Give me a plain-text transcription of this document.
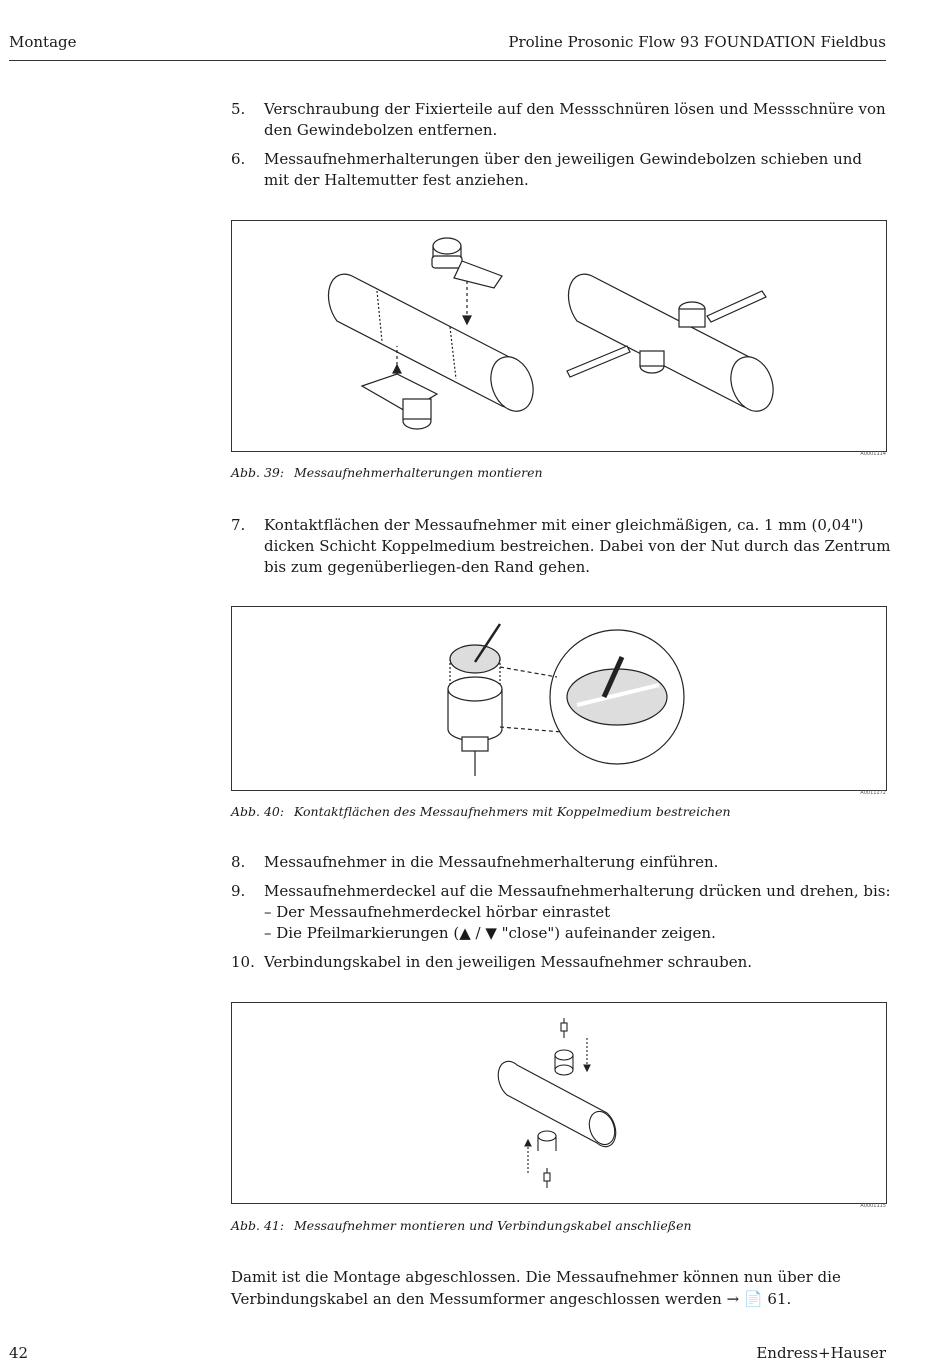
Montage	Proline Prosonic Flow 93 FOUNDATION Fieldbus
5. Verschraubung der Fixierteile auf den Messschnüren lösen und Messschnüre von den Gewindebolzen entfernen.
6. Messaufnehmerhalterungen über den jeweiligen Gewindebolzen schieben und mit der Haltemutter fest anziehen.
A0001114
Abb. 39: Messaufnehmerhalterungen montieren
7. Kontaktflächen der Messaufnehmer mit einer gleichmäßigen, ca. 1 mm (0,04") dicken Schicht Koppelmedium bestreichen. Dabei von der Nut durch das Zentrum bis zum gegenüberliegen-den Rand gehen.
A0011272
Abb. 40: Kontaktflächen des Messaufnehmers mit Koppelmedium bestreichen
8. Messaufnehmer in die Messaufnehmerhalterung einführen.
9. Messaufnehmerdeckel auf die Messaufnehmerhalterung drücken und drehen, bis:
– Der Messaufnehmerdeckel hörbar einrastet
– Die Pfeilmarkierungen (▲ / ▼ "close") aufeinander zeigen.
10. Verbindungskabel in den jeweiligen Messaufnehmer schrauben.
A0001115
Abb. 41: Messaufnehmer montieren und Verbindungskabel anschließen
Damit ist die Montage abgeschlossen. Die Messaufnehmer können nun über die Verbindungskabel an den Messumformer angeschlossen werden → 📄 61.
42	Endress+Hauser
